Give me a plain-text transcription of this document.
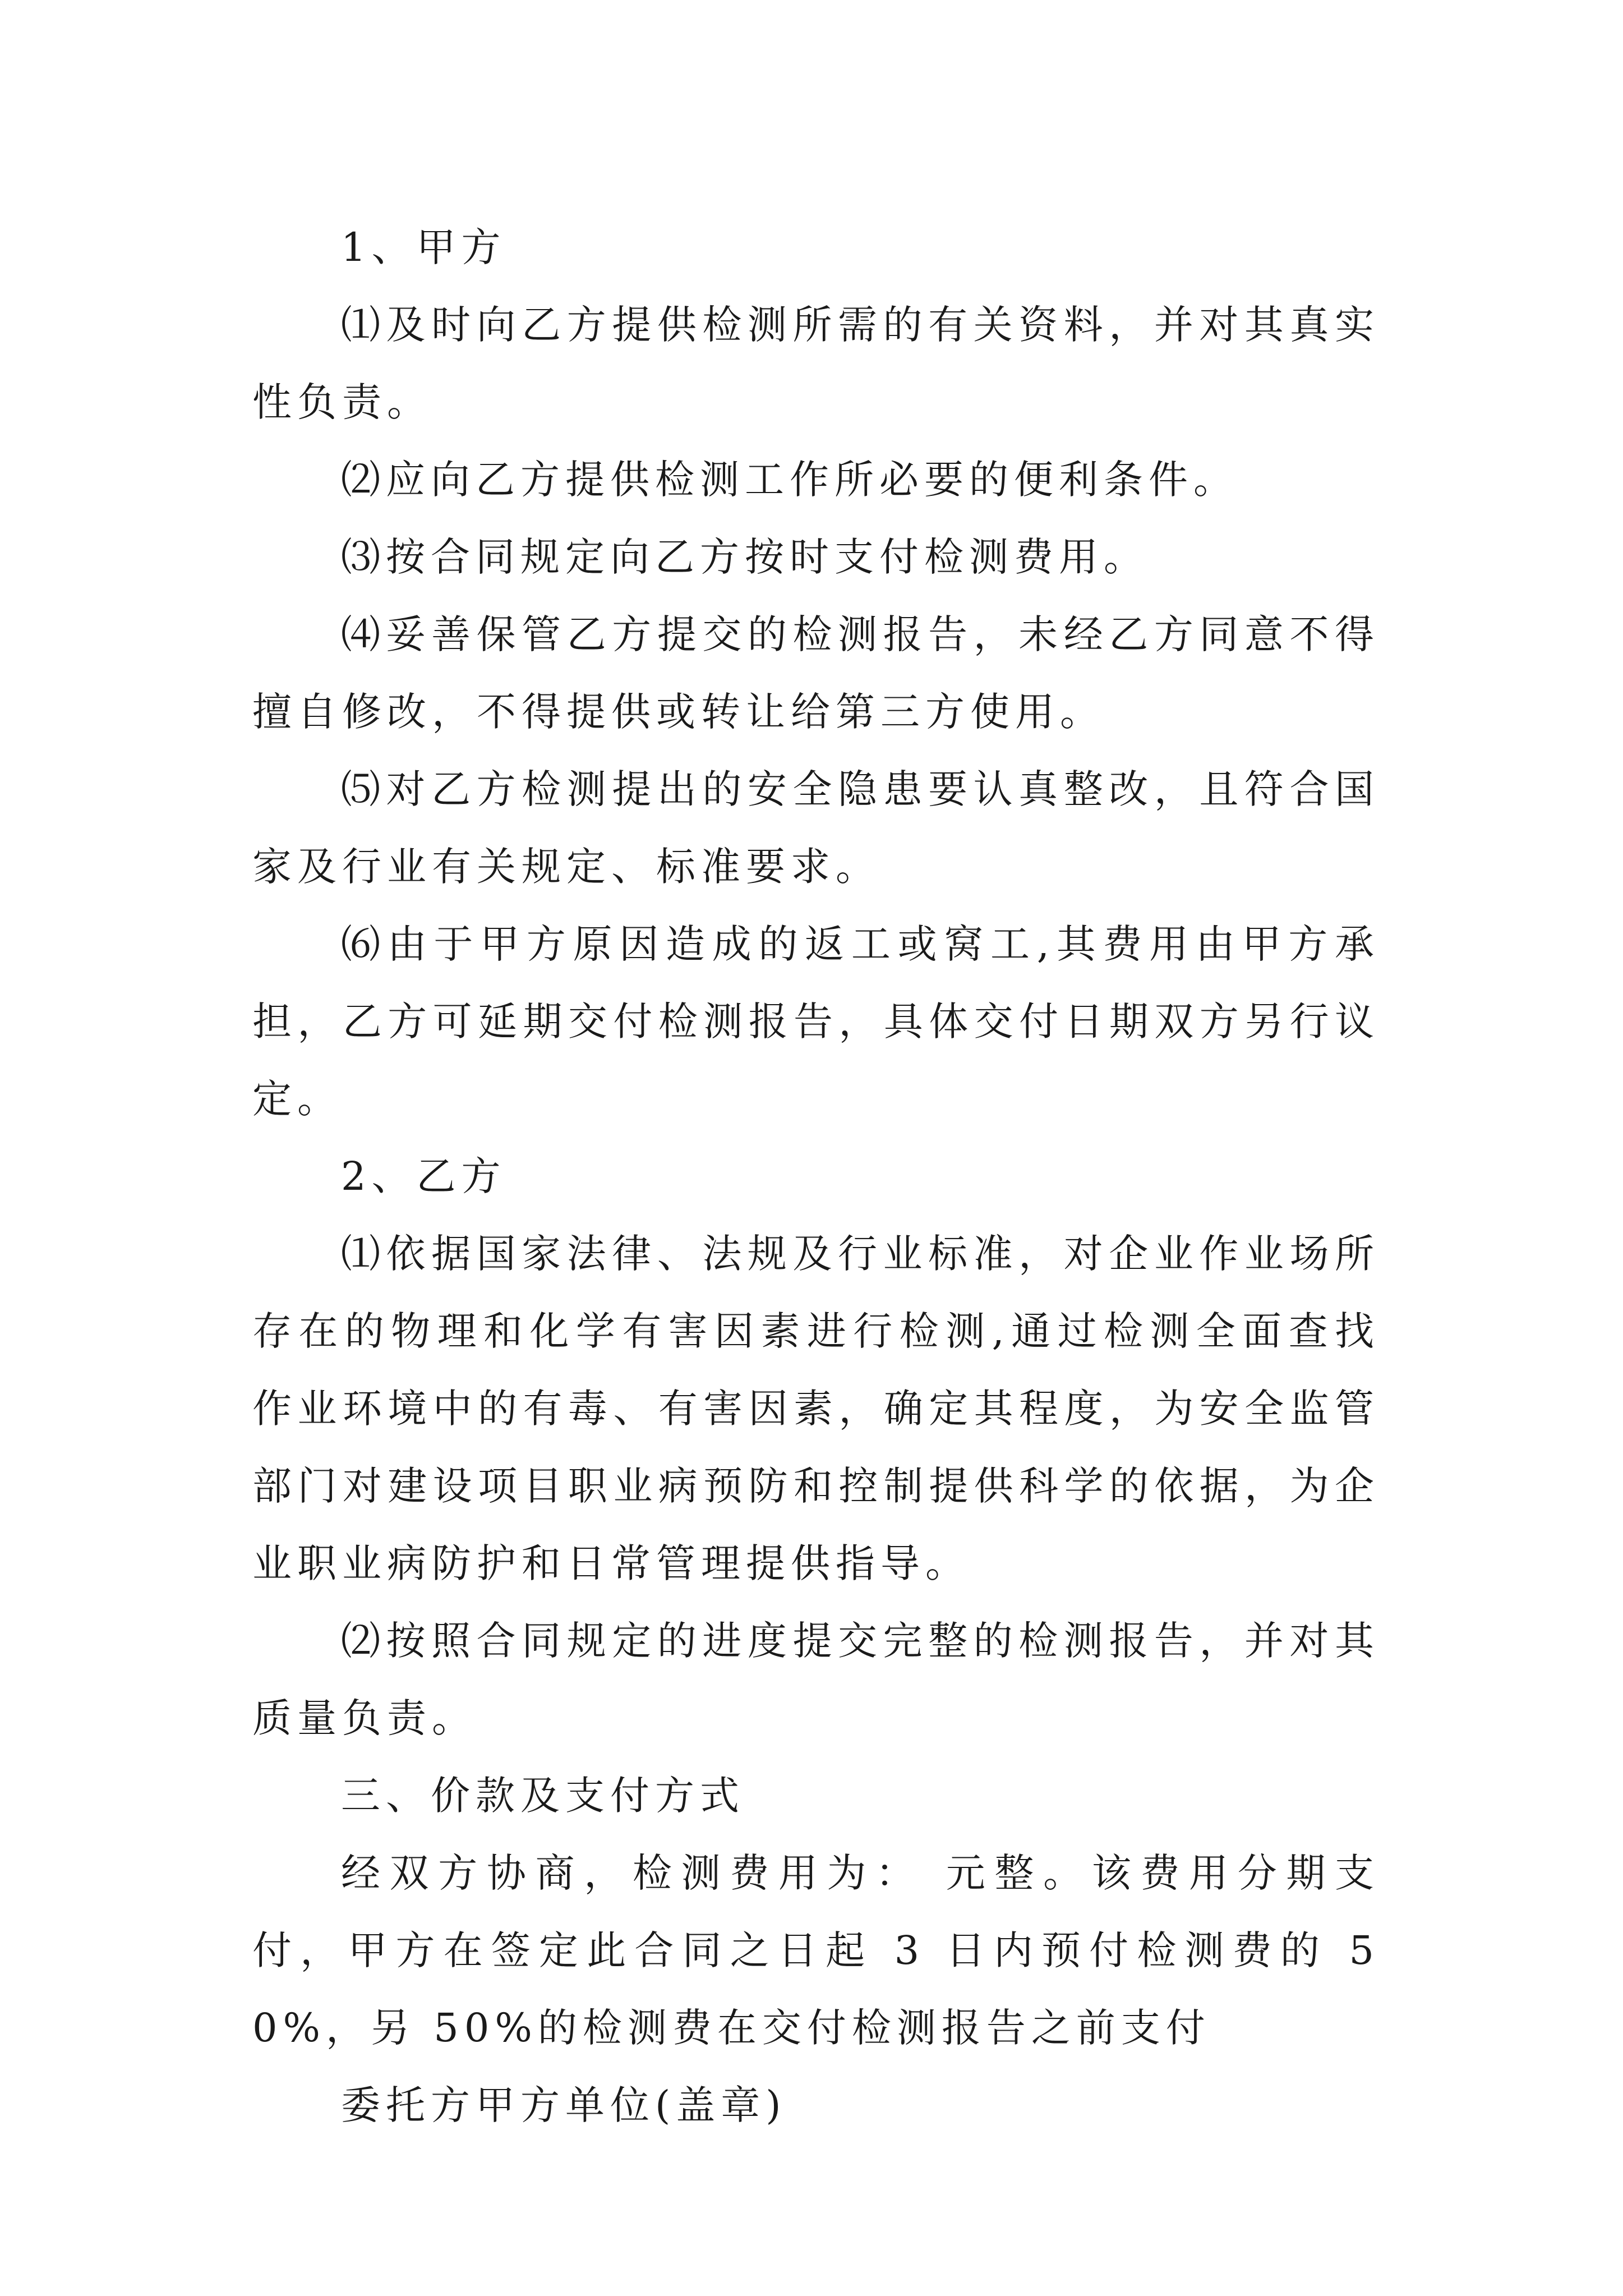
1、甲方

⑴及时向乙方提供检测所需的有关资料，并对其真实性负责。

⑵应向乙方提供检测工作所必要的便利条件。

⑶按合同规定向乙方按时支付检测费用。

⑷妥善保管乙方提交的检测报告，未经乙方同意不得擅自修改，不得提供或转让给第三方使用。

⑸对乙方检测提出的安全隐患要认真整改，且符合国家及行业有关规定、标准要求。

⑹由于甲方原因造成的返工或窝工,其费用由甲方承担，乙方可延期交付检测报告，具体交付日期双方另行议定。

2、乙方

⑴依据国家法律、法规及行业标准，对企业作业场所存在的物理和化学有害因素进行检测,通过检测全面查找作业环境中的有毒、有害因素，确定其程度，为安全监管部门对建设项目职业病预防和控制提供科学的依据，为企业职业病防护和日常管理提供指导。

⑵按照合同规定的进度提交完整的检测报告，并对其质量负责。

三、价款及支付方式

经双方协商，检测费用为： 元整。该费用分期支付，甲方在签定此合同之日起 3 日内预付检测费的 50%，另 50%的检测费在交付检测报告之前支付

委托方甲方单位(盖章)
